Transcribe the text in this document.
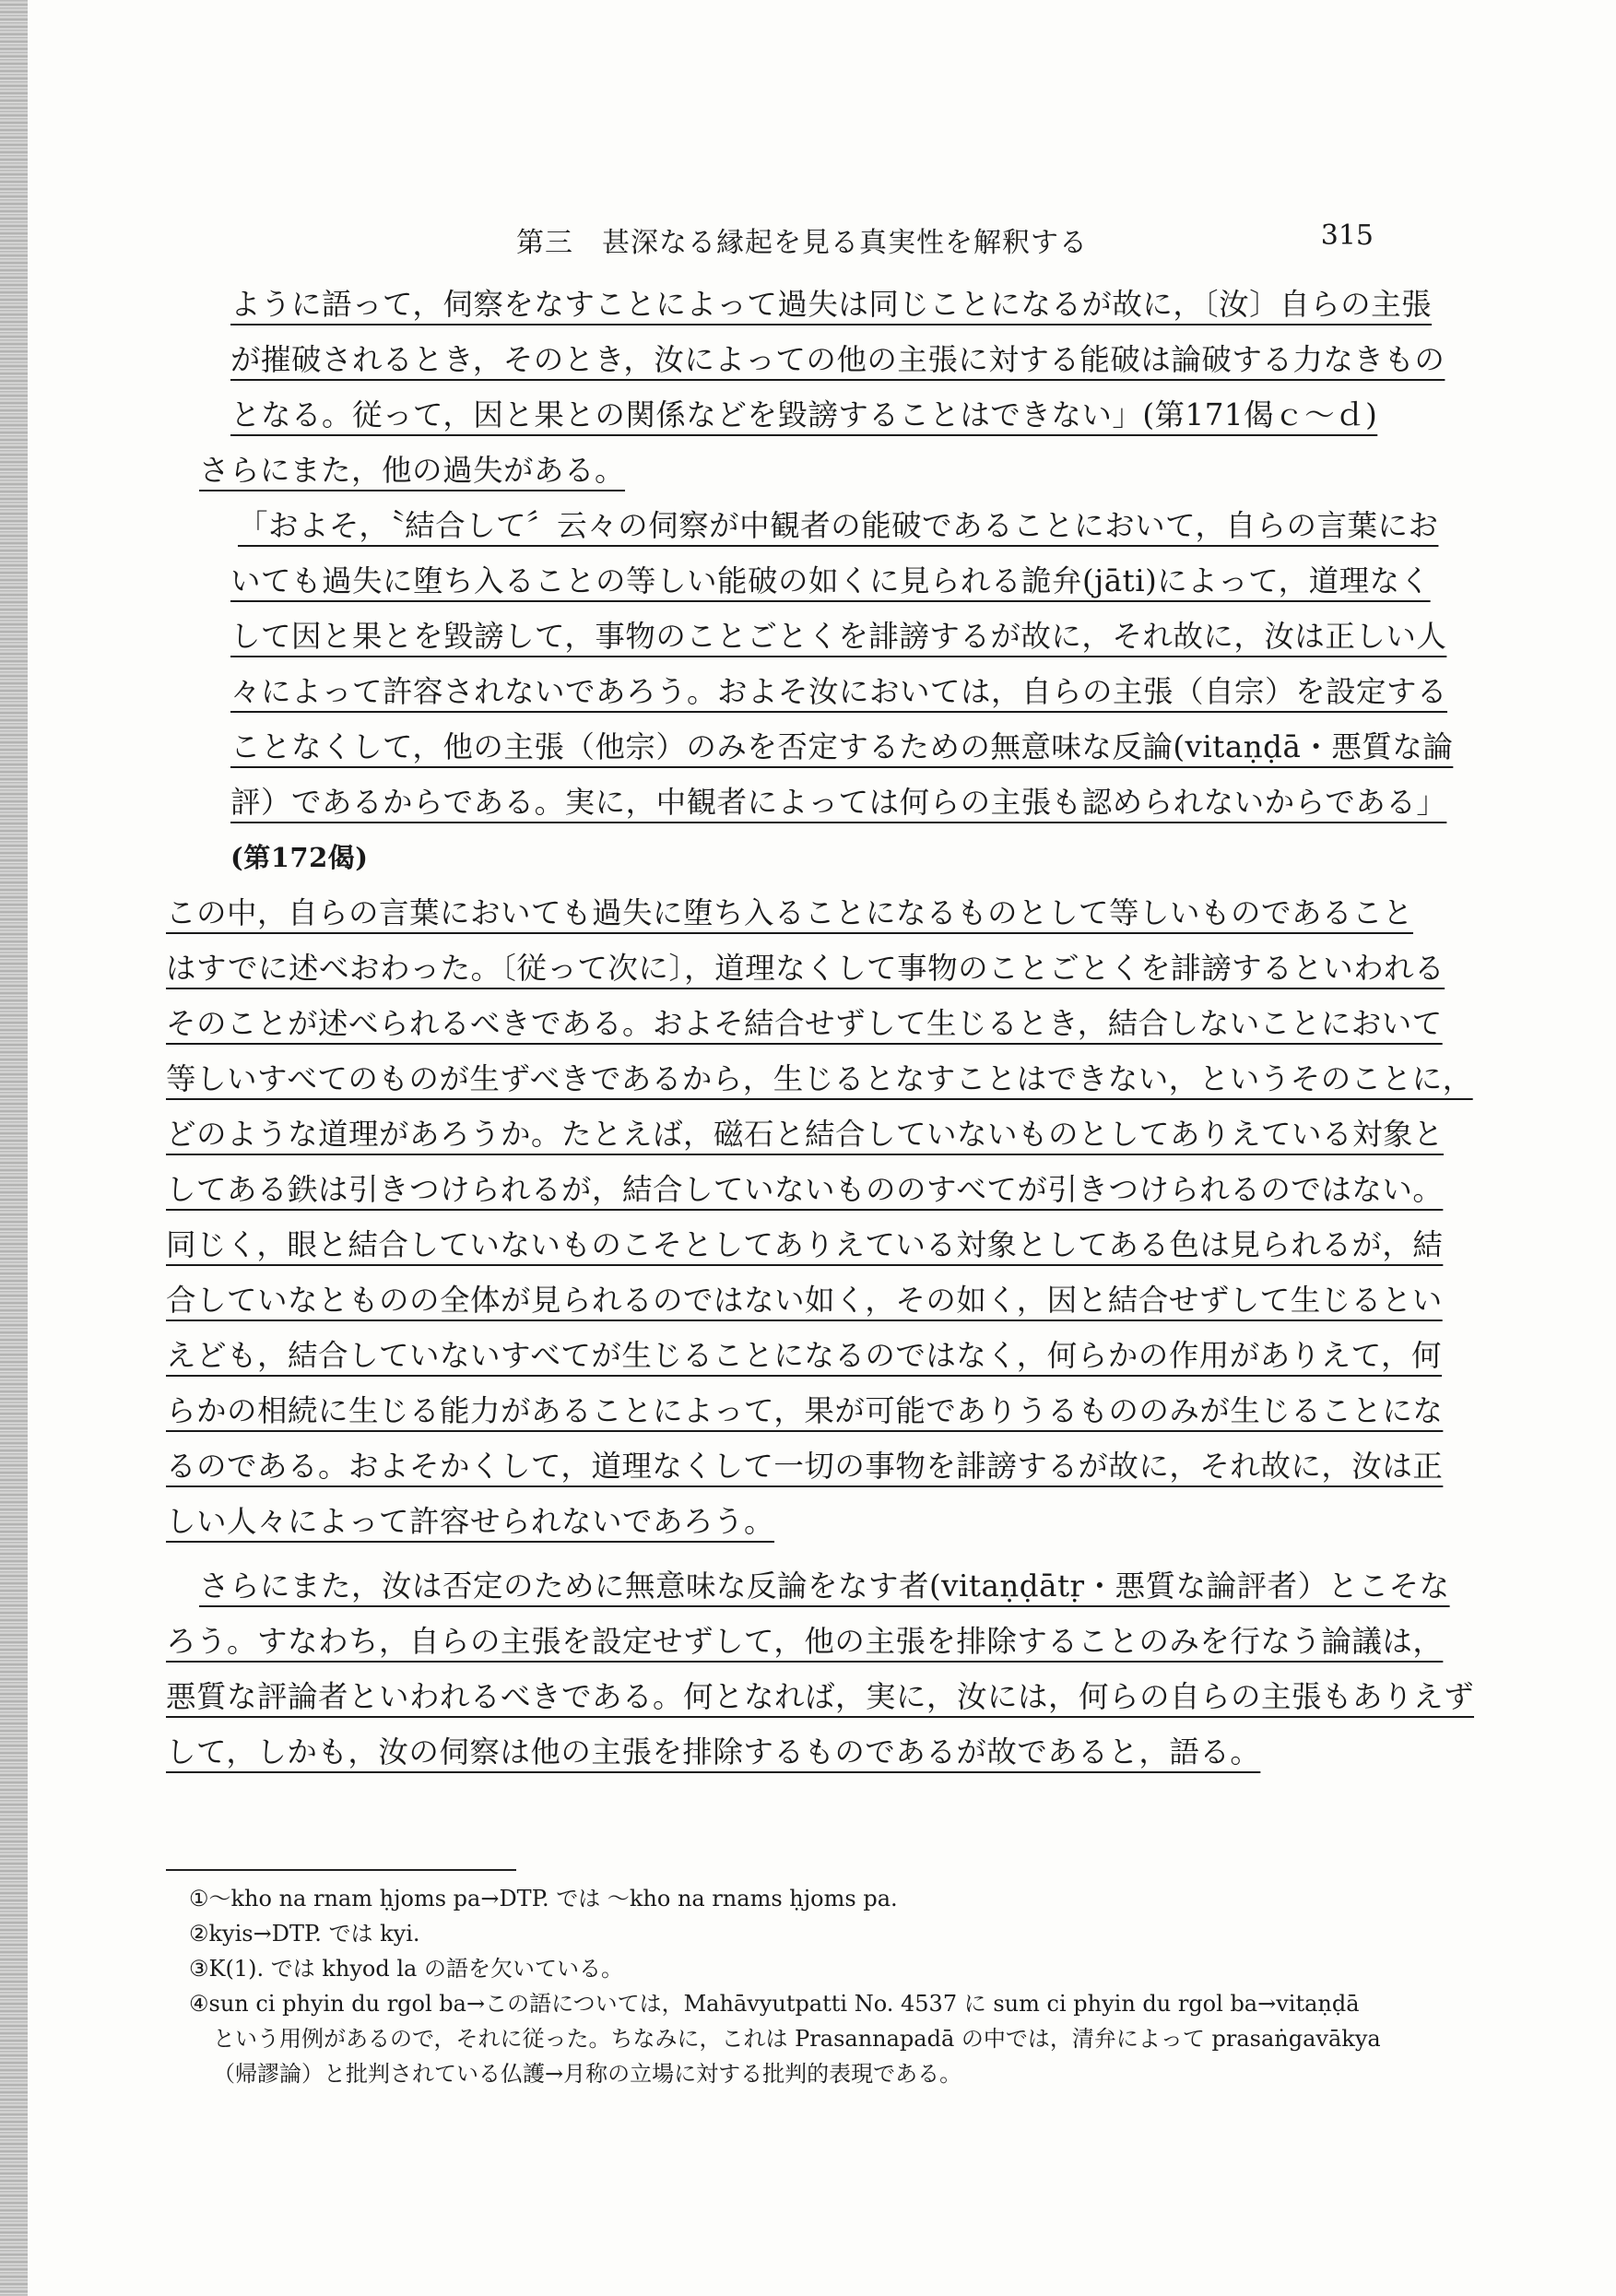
第三　甚深なる縁起を見る真実性を解釈する	315
ように語って，伺察をなすことによって過失は同じことになるが故に，〔汝〕自らの主張
が摧破されるとき，そのとき，汝によっての他の主張に対する能破は論破する力なきもの
となる。従って，因と果との関係などを毀謗することはできない」(第171偈ｃ～ｄ)
さらにまた，他の過失がある。
「およそ，〝結合して〞云々の伺察が中観者の能破であることにおいて，自らの言葉にお
いても過失に堕ち入ることの等しい能破の如くに見られる詭弁(jāti)によって，道理なく
して因と果とを毀謗して，事物のことごとくを誹謗するが故に，それ故に，汝は正しい人
々によって許容されないであろう。およそ汝においては，自らの主張（自宗）を設定する
ことなくして，他の主張（他宗）のみを否定するための無意味な反論(vitaṇḍā・悪質な論
評）であるからである。実に，中観者によっては何らの主張も認められないからである」
(第172偈)
この中，自らの言葉においても過失に堕ち入ることになるものとして等しいものであること
はすでに述べおわった。〔従って次に〕，道理なくして事物のことごとくを誹謗するといわれる
そのことが述べられるべきである。およそ結合せずして生じるとき，結合しないことにおいて
等しいすべてのものが生ずべきであるから，生じるとなすことはできない，というそのことに，
どのような道理があろうか。たとえば，磁石と結合していないものとしてありえている対象と
してある鉄は引きつけられるが，結合していないもののすべてが引きつけられるのではない。
同じく，眼と結合していないものこそとしてありえている対象としてある色は見られるが，結
合していなとものの全体が見られるのではない如く，その如く，因と結合せずして生じるとい
えども，結合していないすべてが生じることになるのではなく，何らかの作用がありえて，何
らかの相続に生じる能力があることによって，果が可能でありうるもののみが生じることにな
るのである。およそかくして，道理なくして一切の事物を誹謗するが故に，それ故に，汝は正
しい人々によって許容せられないであろう。
さらにまた，汝は否定のために無意味な反論をなす者(vitaṇḍātṛ・悪質な論評者）とこそな
ろう。すなわち，自らの主張を設定せずして，他の主張を排除することのみを行なう論議は，
悪質な評論者といわれるべきである。何となれば，実に，汝には，何らの自らの主張もありえず
して，しかも，汝の伺察は他の主張を排除するものであるが故であると，語る。
①～kho na rnam ḥjoms pa→DTP. では ～kho na rnams ḥjoms pa.
②kyis→DTP. では kyi.
③K(1). では khyod la の語を欠いている。
④sun ci phyin du rgol ba→この語については，Mahāvyutpatti No. 4537 に sum ci phyin du rgol ba→vitaṇḍā
という用例があるので，それに従った。ちなみに，これは Prasannapadā の中では，清弁によって prasaṅgavākya
（帰謬論）と批判されている仏護→月称の立場に対する批判的表現である。
